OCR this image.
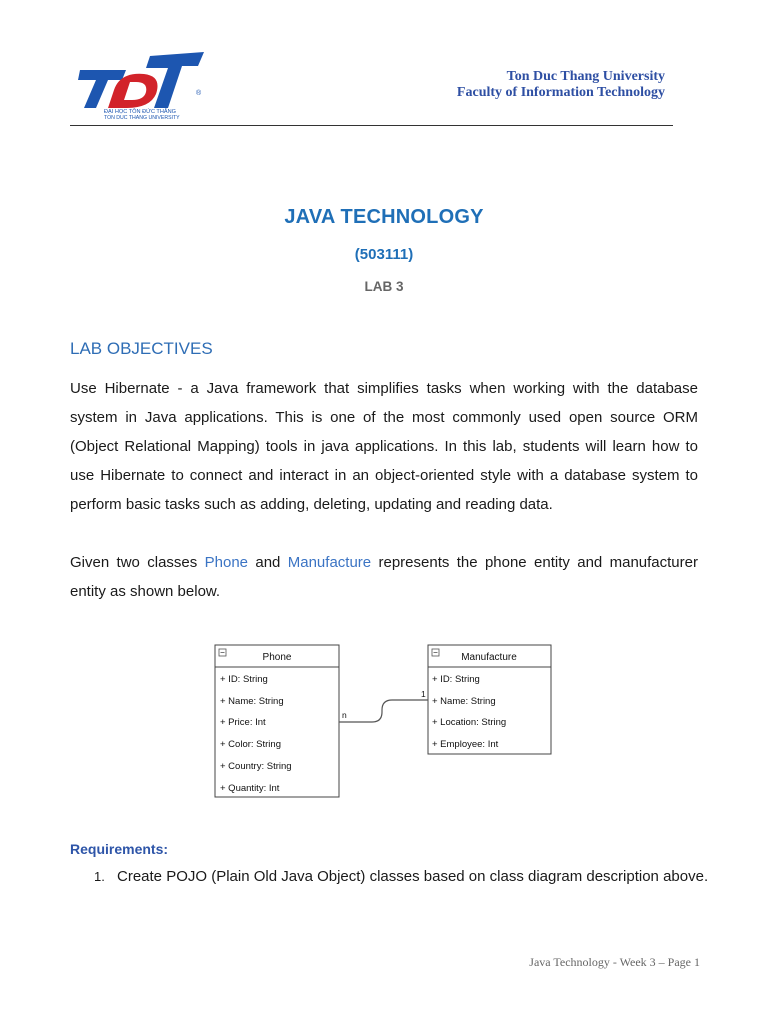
®
ĐẠI HỌC TÔN ĐỨC THẮNG
TON DUC THANG UNIVERSITY
Ton Duc Thang University
Faculty of Information Technology
JAVA TECHNOLOGY
(503111)
LAB 3
LAB OBJECTIVES
Use Hibernate - a Java framework that simplifies tasks when working with the database system in Java applications. This is one of the most commonly used open source ORM (Object Relational Mapping) tools in java applications. In this lab, students will learn how to use Hibernate to connect and interact in an object-oriented style with a database system to perform basic tasks such as adding, deleting, updating and reading data.
Given two classes Phone and Manufacture represents the phone entity and manufacturer entity as shown below.
Phone
+ ID: String
+ Name: String
+ Price: Int
+ Color: String
+ Country: String
+ Quantity: Int
Manufacture
+ ID: String
+ Name: String
+ Location: String
+ Employee: Int
n
1
Requirements:
1. Create POJO (Plain Old Java Object) classes based on class diagram description above.
Java Technology - Week 3 – Page 1
